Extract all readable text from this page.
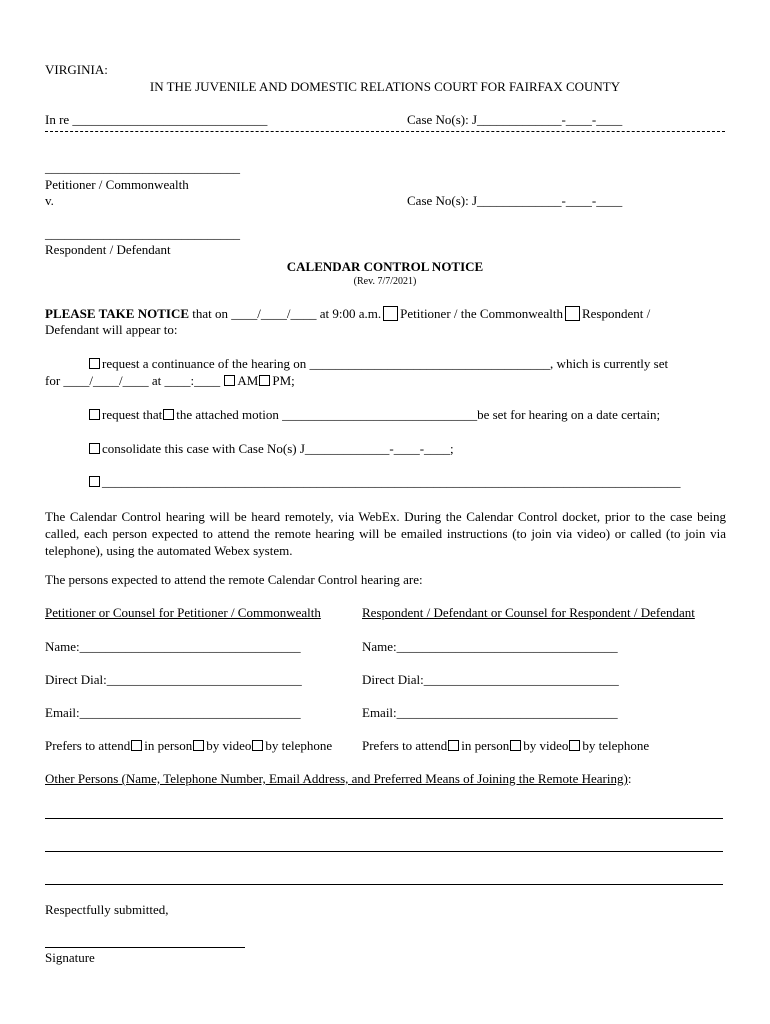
VIRGINIA:
IN THE JUVENILE AND DOMESTIC RELATIONS COURT FOR FAIRFAX COUNTY
In re ______________________________	Case No(s): J_____________-____-____
______________________________
Petitioner / Commonwealth
v.	Case No(s): J_____________-____-____
______________________________
Respondent / Defendant
CALENDAR CONTROL NOTICE
(Rev. 7/7/2021)
PLEASE TAKE NOTICE that on ____/____/____ at 9:00 a.m. Petitioner / the Commonwealth Respondent /
Defendant will appear to:
request a continuance of the hearing on _____________________________________, which is currently set
for ____/____/____ at ____:____ AM PM;
request that the attached motion ______________________________be set for hearing on a date certain;
consolidate this case with Case No(s) J_____________-____-____;
_________________________________________________________________________________________
The Calendar Control hearing will be heard remotely, via WebEx. During the Calendar Control docket, prior to the case being called, each person expected to attend the remote hearing will be emailed instructions (to join via video) or called (to join via telephone), using the automated Webex system.
The persons expected to attend the remote Calendar Control hearing are:
Petitioner or Counsel for Petitioner / Commonwealth	Respondent / Defendant or Counsel for Respondent / Defendant
Name:__________________________________	Name:__________________________________
Direct Dial:______________________________	Direct Dial:______________________________
Email:__________________________________	Email:__________________________________
Prefers to attend in person by video by telephone Prefers to attend in person by video by telephone
Other Persons (Name, Telephone Number, Email Address, and Preferred Means of Joining the Remote Hearing):
Respectfully submitted,
Signature
